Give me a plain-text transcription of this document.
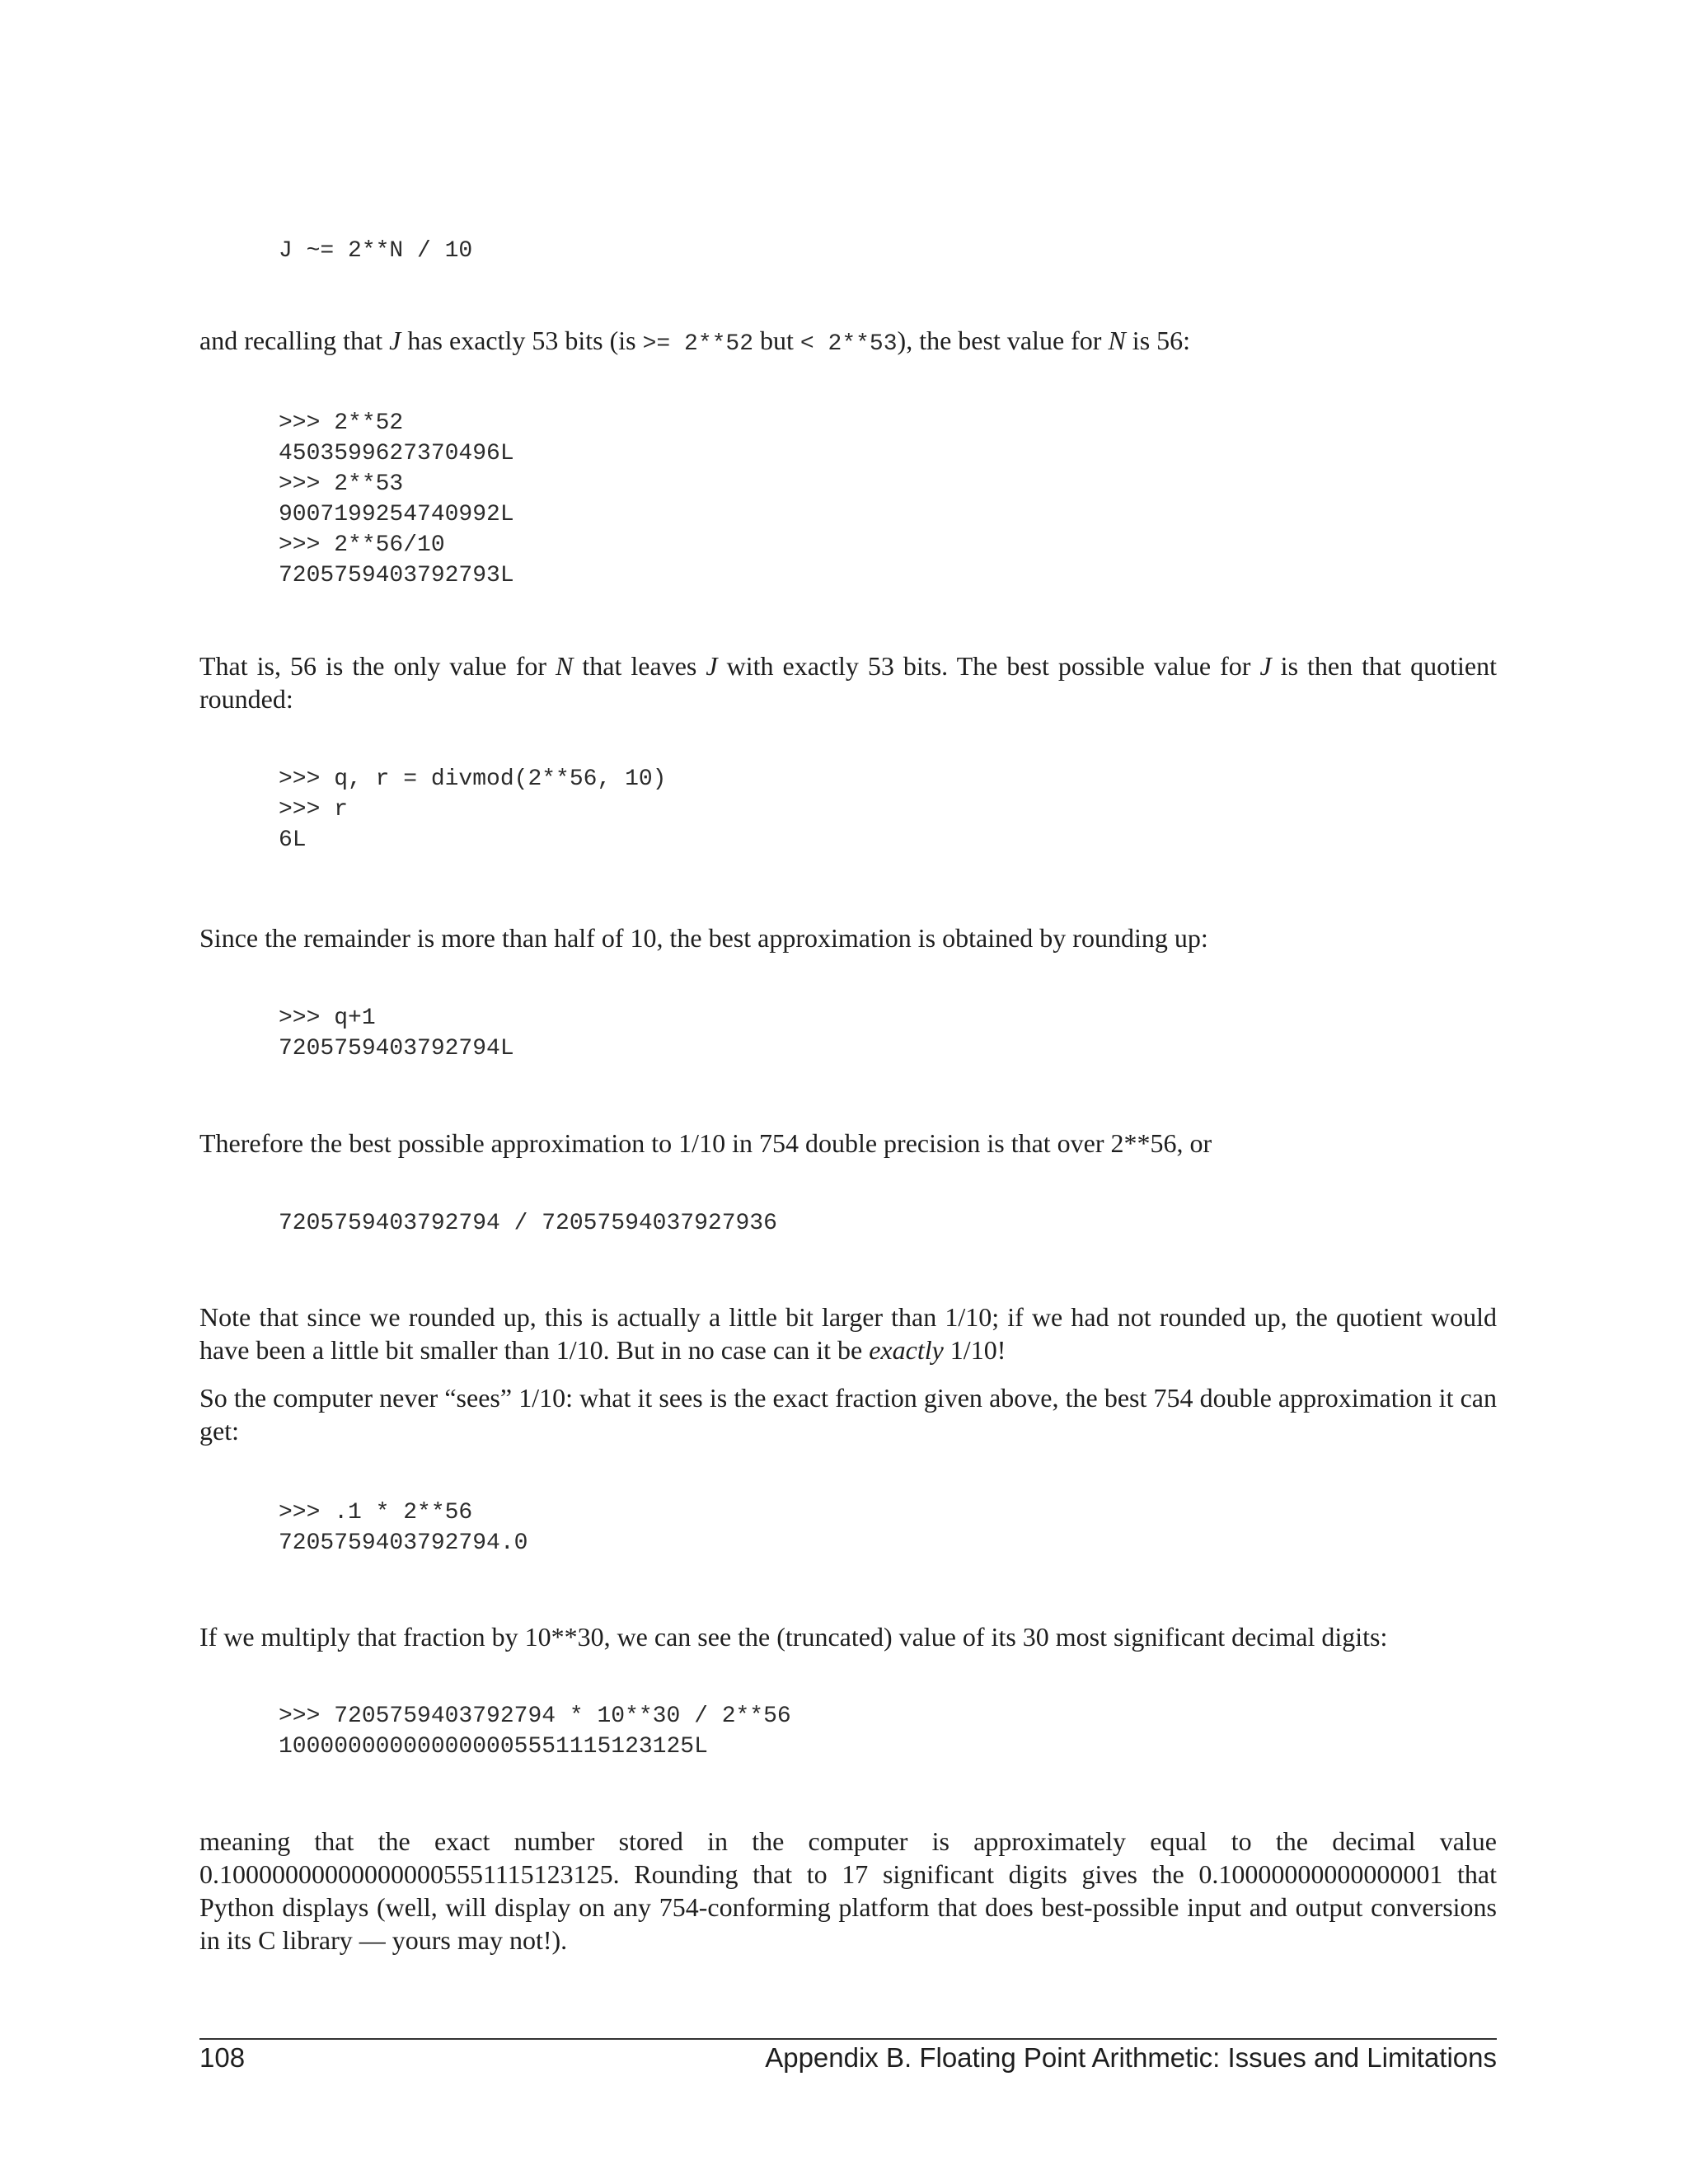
J ~= 2**N / 10

and recalling that J has exactly 53 bits (is >= 2**52 but < 2**53), the best value for N is 56:

>>> 2**52
4503599627370496L
>>> 2**53
9007199254740992L
>>> 2**56/10
7205759403792793L

That is, 56 is the only value for N that leaves J with exactly 53 bits. The best possible value for J is then that quotient rounded:

>>> q, r = divmod(2**56, 10)
>>> r
6L

Since the remainder is more than half of 10, the best approximation is obtained by rounding up:

>>> q+1
7205759403792794L

Therefore the best possible approximation to 1/10 in 754 double precision is that over 2**56, or

7205759403792794 / 72057594037927936

Note that since we rounded up, this is actually a little bit larger than 1/10; if we had not rounded up, the quotient would have been a little bit smaller than 1/10. But in no case can it be exactly 1/10!

So the computer never “sees” 1/10: what it sees is the exact fraction given above, the best 754 double approximation it can get:

>>> .1 * 2**56
7205759403792794.0

If we multiply that fraction by 10**30, we can see the (truncated) value of its 30 most significant decimal digits:

>>> 7205759403792794 * 10**30 / 2**56
100000000000000005551115123125L

meaning that the exact number stored in the computer is approximately equal to the decimal value 0.100000000000000005551115123125. Rounding that to 17 significant digits gives the 0.10000000000000001 that Python displays (well, will display on any 754-conforming platform that does best-possible input and output conversions in its C library — yours may not!).

108	Appendix B. Floating Point Arithmetic: Issues and Limitations
